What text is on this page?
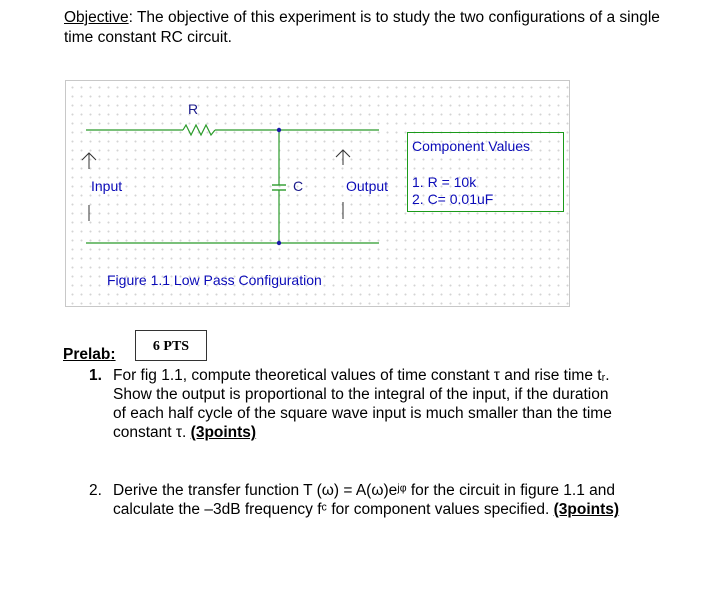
Objective: The objective of this experiment is to study the two configurations of a single time constant RC circuit.
R
C
Input	Output
Figure 1.1 Low Pass Configuration
Component Values
1. R = 10k
2. C= 0.01uF
6 PTS
Prelab:
1. For fig 1.1, compute theoretical values of time constant τ and rise time tᵣ.
Show the output is proportional to the integral of the input, if the duration
of each half cycle of the square wave input is much smaller than the time
constant τ. (3points)
2. Derive the transfer function T (ω) = A(ω)eʲᵠ for the circuit in figure 1.1 and
calculate the –3dB frequency fᶜ for component values specified. (3points)
